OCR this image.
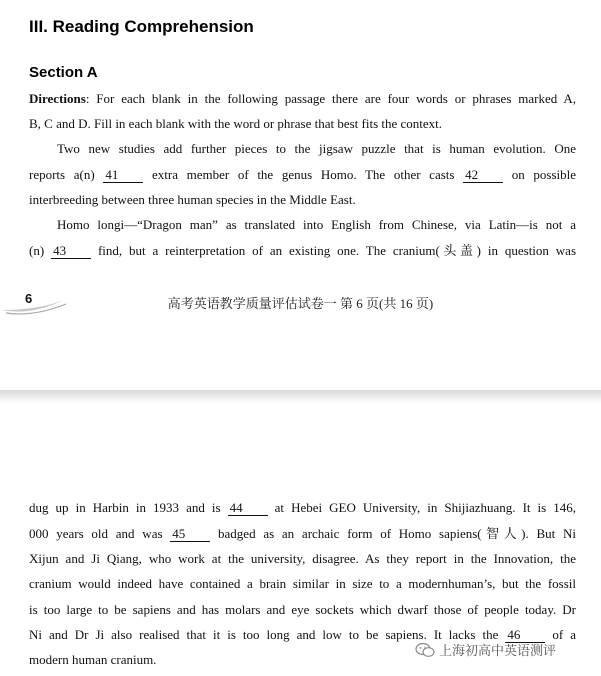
III. Reading Comprehension
Section A
Directions: For each blank in the following passage there are four words or phrases marked A,
B, C and D. Fill in each blank with the word or phrase that best fits the context.
Two new studies add further pieces to the jigsaw puzzle that is human evolution. One
reports a(n) 41	extra member of the genus Homo. The other casts 42	on possible
interbreeding between three human species in the Middle East.
Homo longi—“Dragon man” as translated into English from Chinese, via Latin—is not a
(n) 43 find, but a reinterpretation of an existing one. The cranium(头盖) in question was
6	高考英语教学质量评估试卷一 第 6 页(共 16 页)
dug up in Harbin in 1933 and is 44 at Hebei GEO University, in Shijiazhuang. It is 146,
000 years old and was 45	badged as an archaic form of Homo sapiens(智人). But Ni
Xijun and Ji Qiang, who work at the university, disagree. As they report in the Innovation, the
cranium would indeed have contained a brain similar in size to a modernhuman’s, but the fossil
is too large to be sapiens and has molars and eye sockets which dwarf those of people today. Dr
Ni and Dr Ji also realised that it is too long and low to be sapiens. It lacks the 46 of a
modern human cranium.
上海初高中英语测评
